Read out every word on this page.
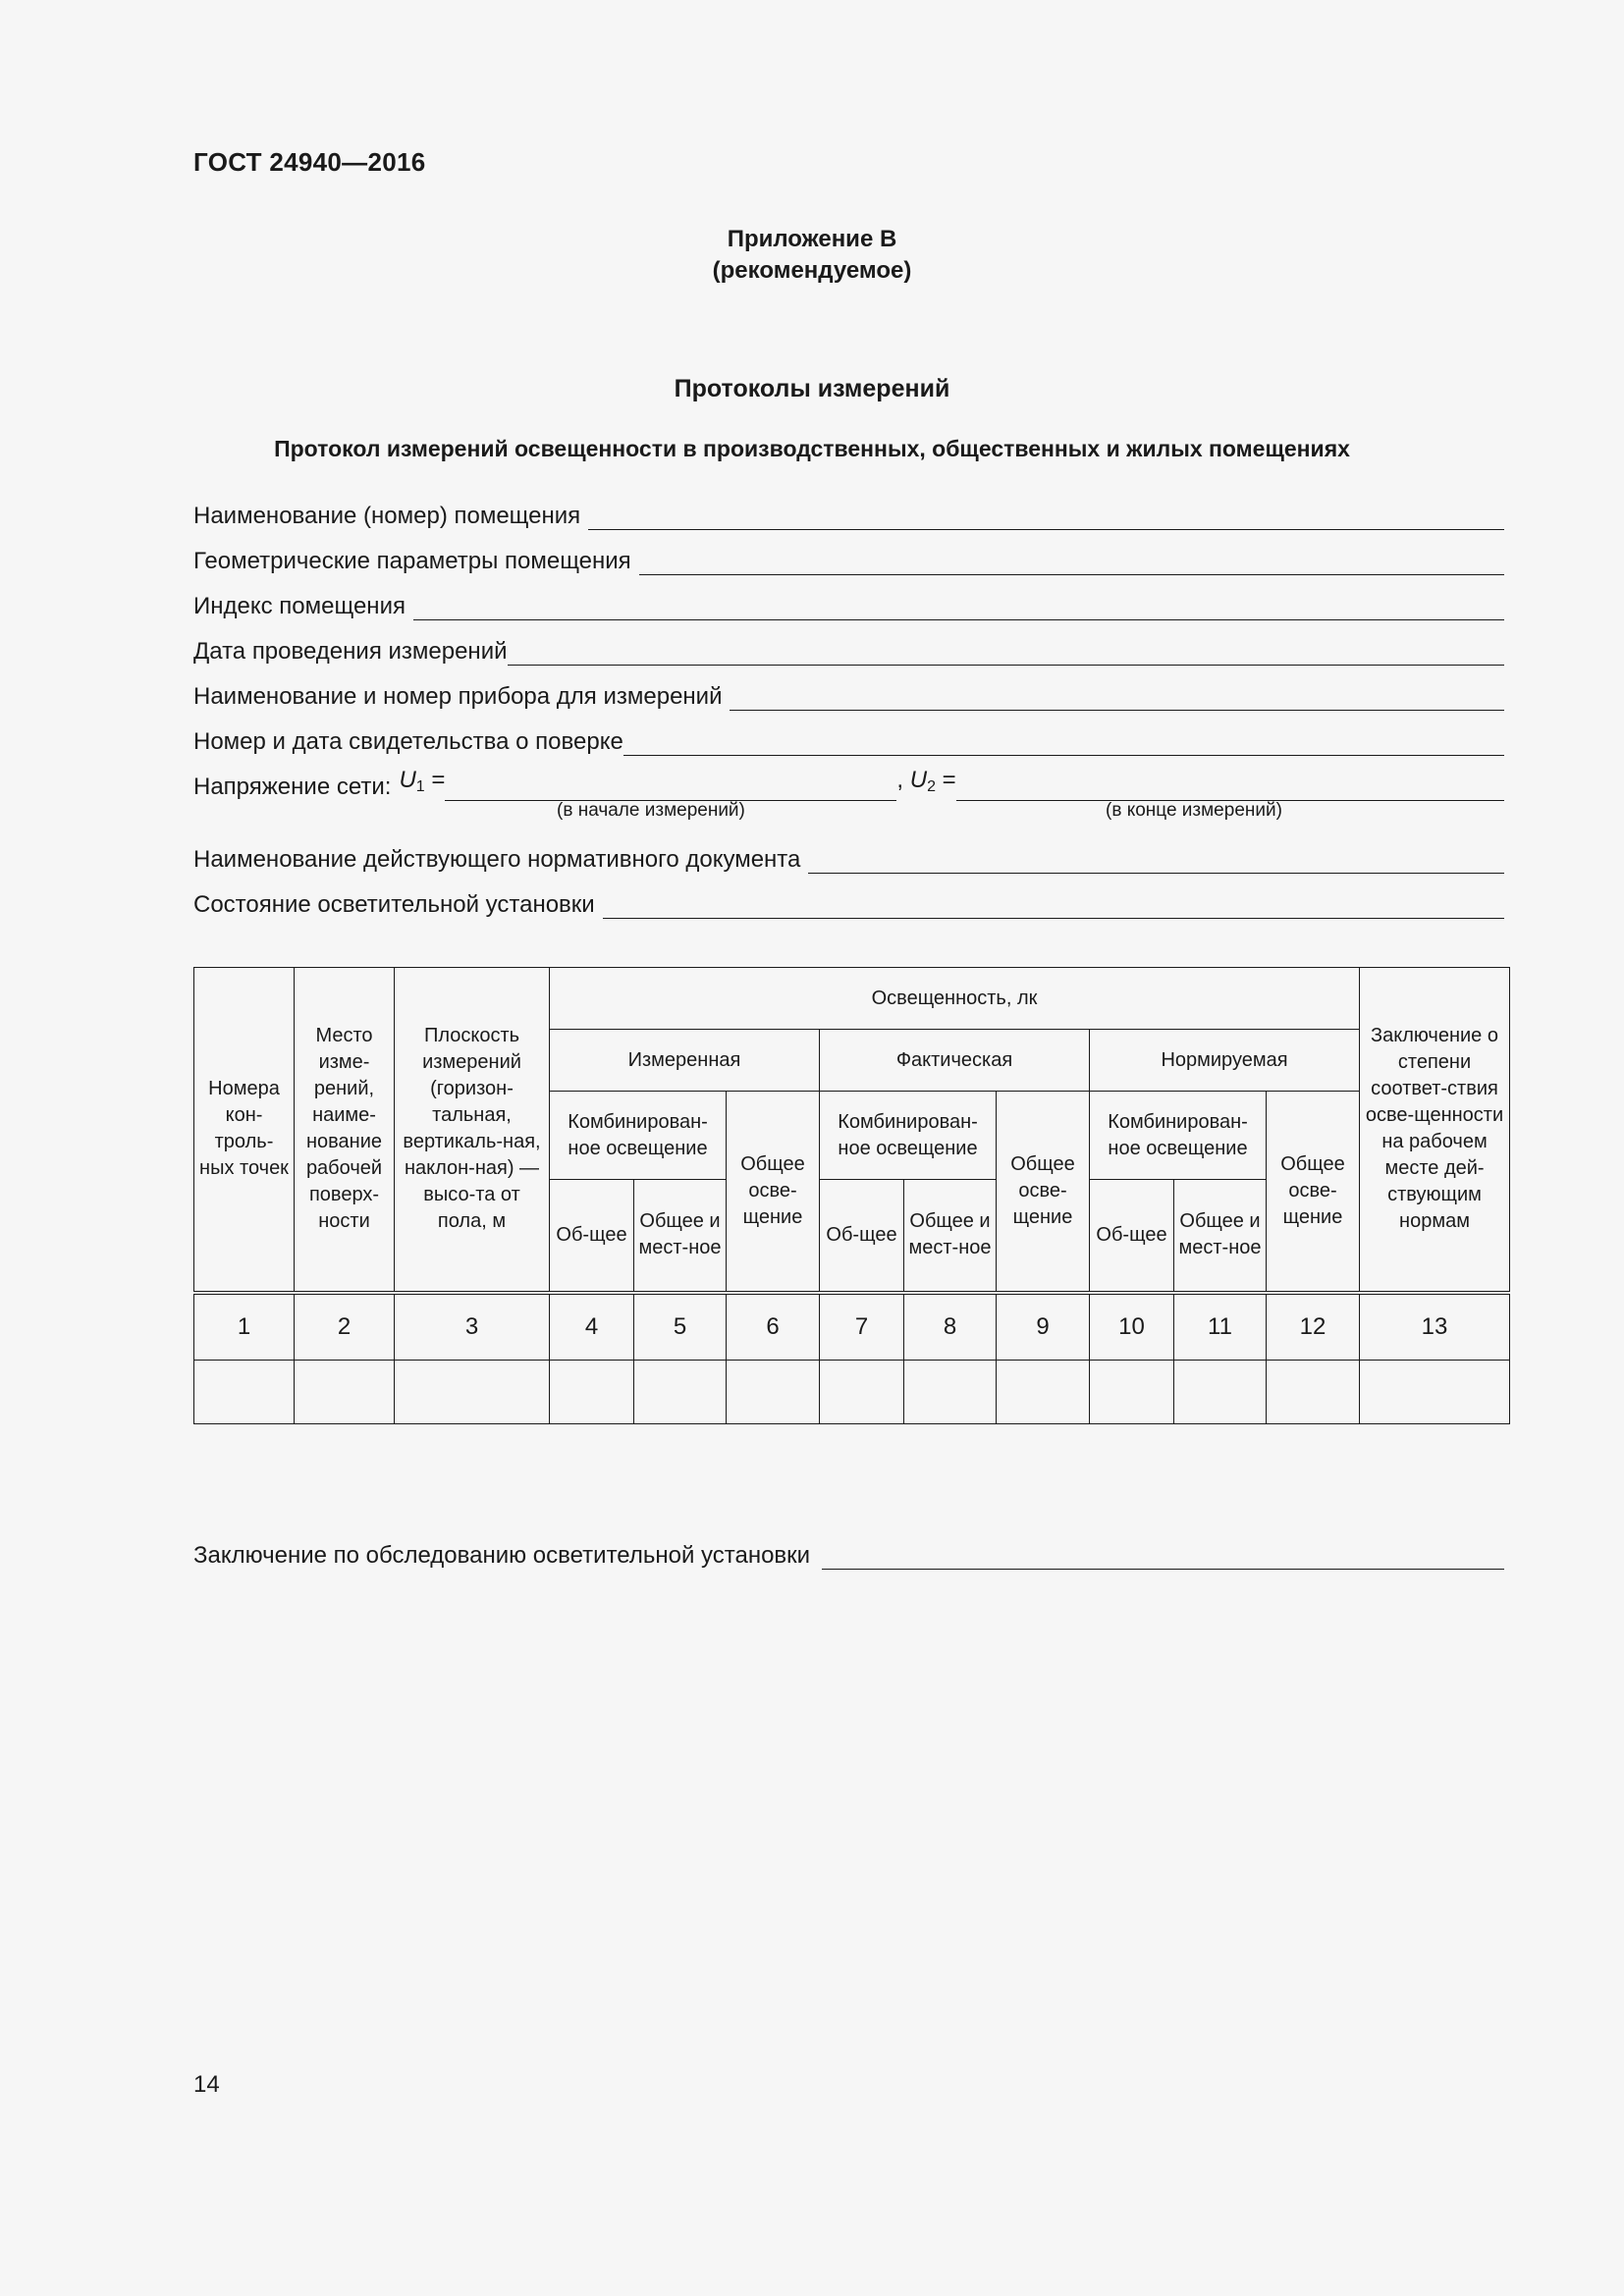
ГОСТ 24940—2016
Приложение В
(рекомендуемое)
Протоколы измерений
Протокол измерений освещенности в производственных, общественных и жилых помещениях
Наименование (номер) помещения
Геометрические параметры помещения
Индекс помещения
Дата проведения измерений
Наименование и номер прибора для измерений
Номер и дата свидетельства о поверке
Напряжение сети: $U_1$ =	, $U_2$ =
(в начале измерений)	(в конце измерений)
Наименование действующего нормативного документа
Состояние осветительной установки
Номера кон-троль-ных точек	Место изме-рений, наиме-нование рабочей поверх-ности	Плоскость измерений (горизон-тальная, вертикаль-ная, наклон-ная) — высо-та от пола, м	Освещенность, лк									Заключение о степени соответ-ствия осве-щенности на рабочем месте дей-ствующим нормам
			Измеренная			Фактическая			Нормируемая			
			Комбинирован-ное освещение		Общее осве-щение	Комбинирован-ное освещение		Общее осве-щение	Комбинирован-ное освещение		Общее осве-щение	
			Об-щее	Общее и мест-ное		Об-щее	Общее и мест-ное		Об-щее	Общее и мест-ное		
1	2	3	4	5	6	7	8	9	10	11	12	13

Заключение по обследованию осветительной установки
14
